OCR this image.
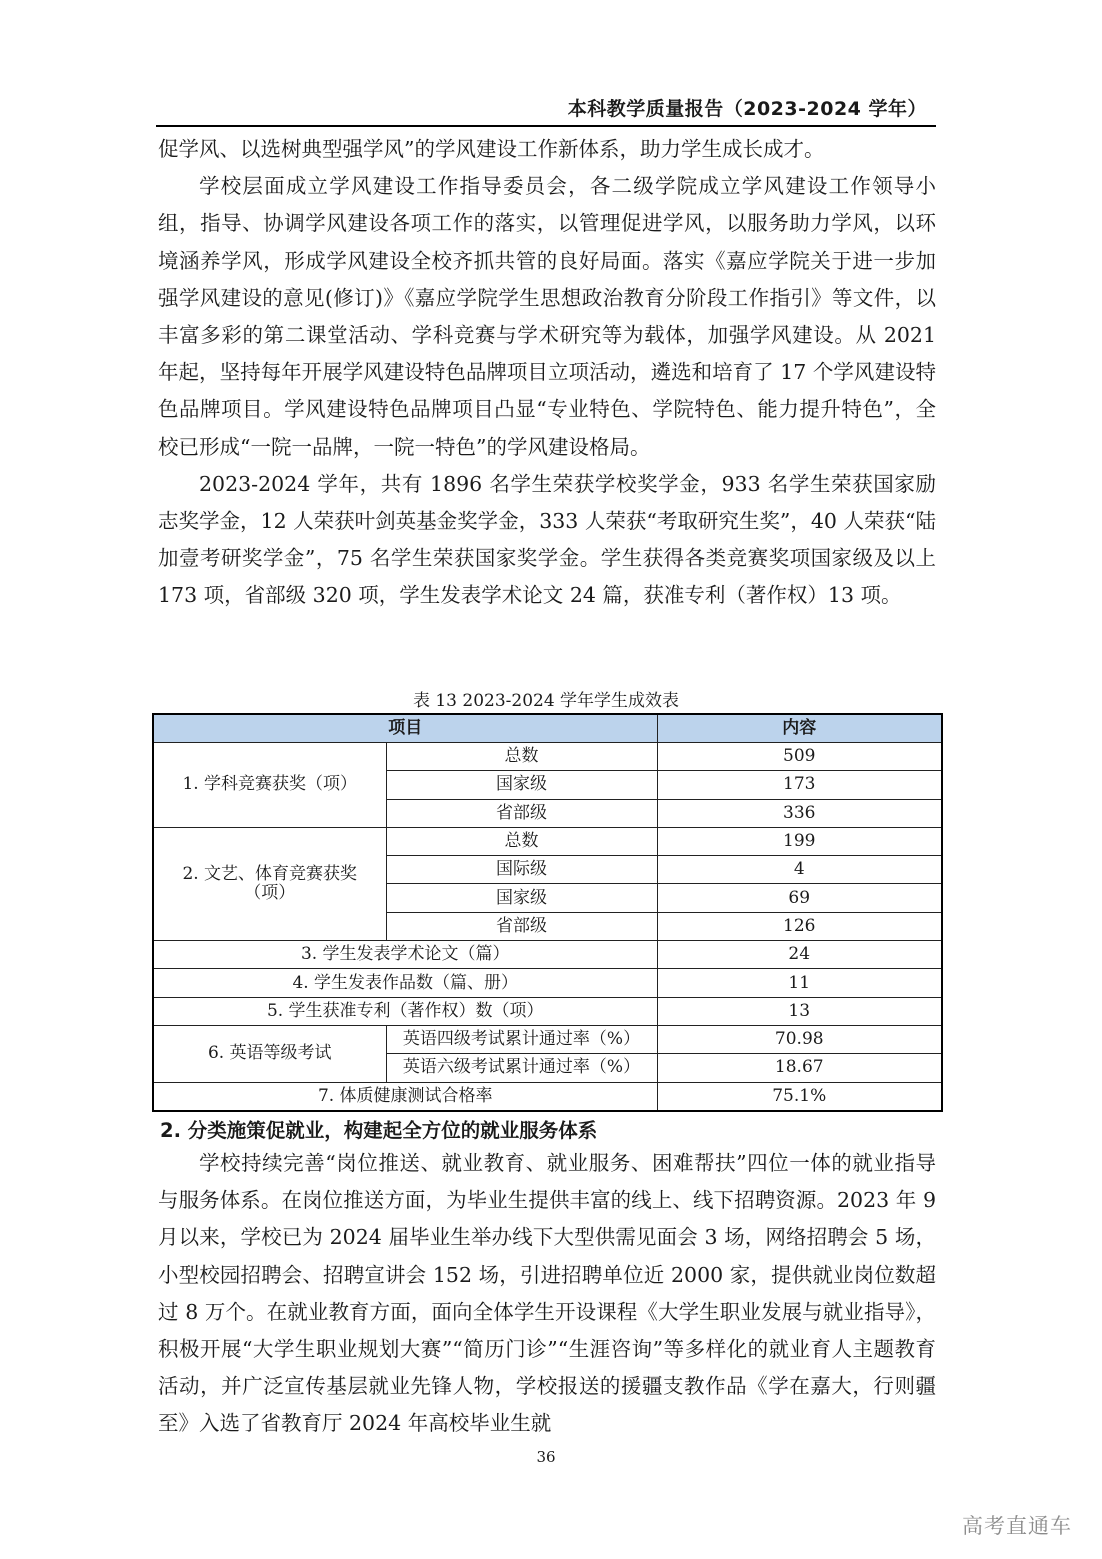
本科教学质量报告（2023-2024 学年）

促学风、以选树典型强学风”的学风建设工作新体系，助力学生成长成才。

学校层面成立学风建设工作指导委员会，各二级学院成立学风建设工作领导小组，指导、协调学风建设各项工作的落实，以管理促进学风，以服务助力学风，以环境涵养学风，形成学风建设全校齐抓共管的良好局面。落实《嘉应学院关于进一步加强学风建设的意见(修订)》《嘉应学院学生思想政治教育分阶段工作指引》等文件，以丰富多彩的第二课堂活动、学科竞赛与学术研究等为载体，加强学风建设。从 2021 年起，坚持每年开展学风建设特色品牌项目立项活动，遴选和培育了 17 个学风建设特色品牌项目。学风建设特色品牌项目凸显“专业特色、学院特色、能力提升特色”，全校已形成“一院一品牌，一院一特色”的学风建设格局。

2023-2024 学年，共有 1896 名学生荣获学校奖学金，933 名学生荣获国家励志奖学金，12 人荣获叶剑英基金奖学金，333 人荣获“考取研究生奖”，40 人荣获“陆加壹考研奖学金”，75 名学生荣获国家奖学金。学生获得各类竞赛奖项国家级及以上 173 项，省部级 320 项，学生发表学术论文 24 篇，获准专利（著作权）13 项。

表 13 2023-2024 学年学生成效表
项目		内容
1. 学科竞赛获奖（项）	总数	509
	国家级	173
	省部级	336
2. 文艺、体育竞赛获奖（项）	总数	199
	国际级	4
	国家级	69
	省部级	126
3. 学生发表学术论文（篇）		24
4. 学生发表作品数（篇、册）		11
5. 学生获准专利（著作权）数（项）		13
6. 英语等级考试	英语四级考试累计通过率（%）	70.98
	英语六级考试累计通过率（%）	18.67
7. 体质健康测试合格率		75.1%
2. 分类施策促就业，构建起全方位的就业服务体系

学校持续完善“岗位推送、就业教育、就业服务、困难帮扶”四位一体的就业指导与服务体系。在岗位推送方面，为毕业生提供丰富的线上、线下招聘资源。2023 年 9 月以来，学校已为 2024 届毕业生举办线下大型供需见面会 3 场，网络招聘会 5 场，小型校园招聘会、招聘宣讲会 152 场，引进招聘单位近 2000 家，提供就业岗位数超过 8 万个。在就业教育方面，面向全体学生开设课程《大学生职业发展与就业指导》，积极开展“大学生职业规划大赛”“简历门诊”“生涯咨询”等多样化的就业育人主题教育活动，并广泛宣传基层就业先锋人物，学校报送的援疆支教作品《学在嘉大，行则疆至》入选了省教育厅 2024 年高校毕业生就

36
高考直通车
